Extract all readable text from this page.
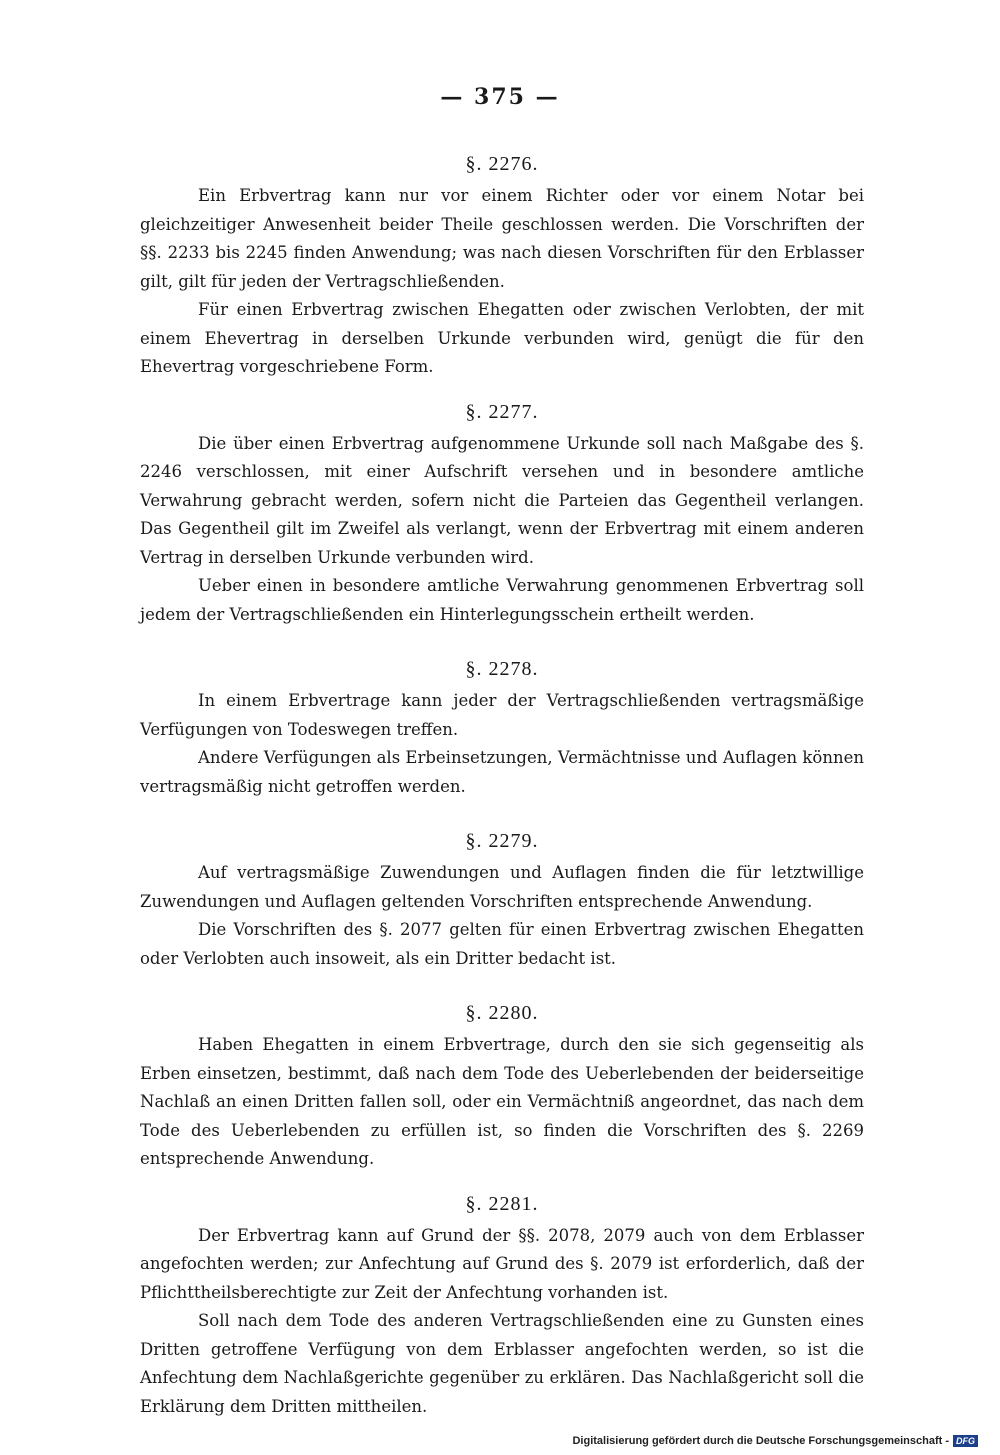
— 375 —

§. 2276.

Ein Erbvertrag kann nur vor einem Richter oder vor einem Notar bei gleichzeitiger Anwesenheit beider Theile geschlossen werden. Die Vorschriften der §§. 2233 bis 2245 finden Anwendung; was nach diesen Vorschriften für den Erblasser gilt, gilt für jeden der Vertragschließenden.

Für einen Erbvertrag zwischen Ehegatten oder zwischen Verlobten, der mit einem Ehevertrag in derselben Urkunde verbunden wird, genügt die für den Ehevertrag vorgeschriebene Form.

§. 2277.

Die über einen Erbvertrag aufgenommene Urkunde soll nach Maßgabe des §. 2246 verschlossen, mit einer Aufschrift versehen und in besondere amtliche Verwahrung gebracht werden, sofern nicht die Parteien das Gegentheil verlangen. Das Gegentheil gilt im Zweifel als verlangt, wenn der Erbvertrag mit einem anderen Vertrag in derselben Urkunde verbunden wird.

Ueber einen in besondere amtliche Verwahrung genommenen Erbvertrag soll jedem der Vertragschließenden ein Hinterlegungsschein ertheilt werden.

§. 2278.

In einem Erbvertrage kann jeder der Vertragschließenden vertragsmäßige Verfügungen von Todeswegen treffen.

Andere Verfügungen als Erbeinsetzungen, Vermächtnisse und Auflagen können vertragsmäßig nicht getroffen werden.

§. 2279.

Auf vertragsmäßige Zuwendungen und Auflagen finden die für letztwillige Zuwendungen und Auflagen geltenden Vorschriften entsprechende Anwendung.

Die Vorschriften des §. 2077 gelten für einen Erbvertrag zwischen Ehegatten oder Verlobten auch insoweit, als ein Dritter bedacht ist.

§. 2280.

Haben Ehegatten in einem Erbvertrage, durch den sie sich gegenseitig als Erben einsetzen, bestimmt, daß nach dem Tode des Ueberlebenden der beiderseitige Nachlaß an einen Dritten fallen soll, oder ein Vermächtniß angeordnet, das nach dem Tode des Ueberlebenden zu erfüllen ist, so finden die Vorschriften des §. 2269 entsprechende Anwendung.

§. 2281.

Der Erbvertrag kann auf Grund der §§. 2078, 2079 auch von dem Erblasser angefochten werden; zur Anfechtung auf Grund des §. 2079 ist erforderlich, daß der Pflichttheilsberechtigte zur Zeit der Anfechtung vorhanden ist.

Soll nach dem Tode des anderen Vertragschließenden eine zu Gunsten eines Dritten getroffene Verfügung von dem Erblasser angefochten werden, so ist die Anfechtung dem Nachlaßgerichte gegenüber zu erklären. Das Nachlaßgericht soll die Erklärung dem Dritten mittheilen.

Digitalisierung gefördert durch die Deutsche Forschungsgemeinschaft - DFG
